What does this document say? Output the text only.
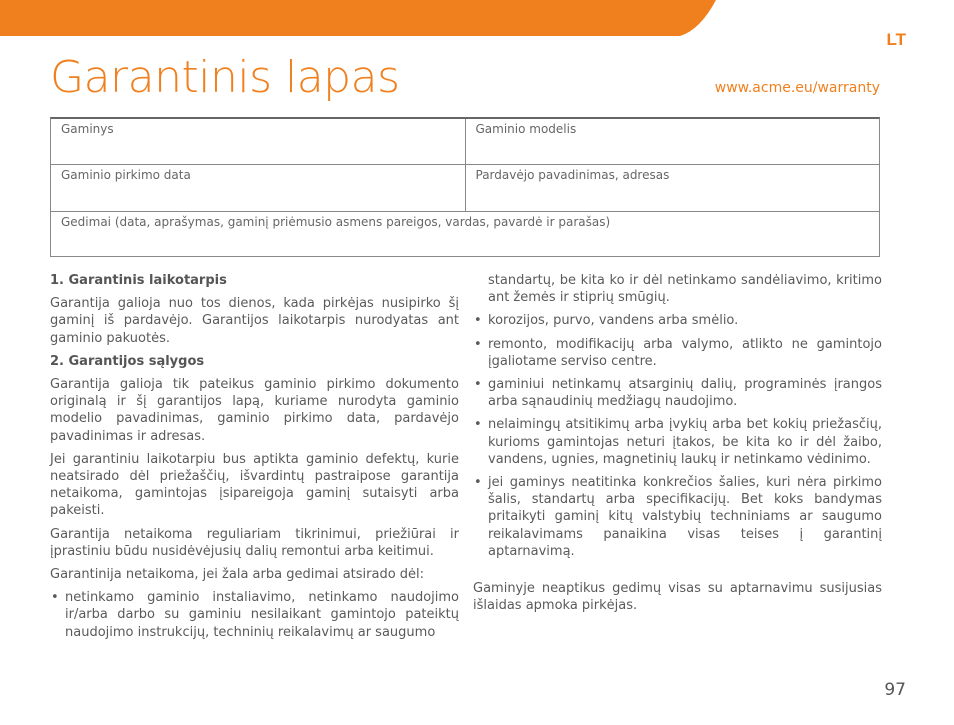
LT
Garantinis lapas	www.acme.eu/warranty
Gaminys	Gaminio modelis
Gaminio pirkimo data	Pardavėjo pavadinimas, adresas
Gedimai (data, aprašymas, gaminį priėmusio asmens pareigos, vardas, pavardė ir parašas)
1. Garantinis laikotarpis

Garantija galioja nuo tos dienos, kada pirkėjas nusipirko šį gaminį iš pardavėjo. Garantijos laikotarpis nurodyatas ant gaminio pakuotės.

2. Garantijos sąlygos

Garantija galioja tik pateikus gaminio pirkimo dokumento originalą ir šį garantijos lapą, kuriame nurodyta gaminio modelio pavadinimas, gaminio pirkimo data, pardavėjo pavadinimas ir adresas.

Jei garantiniu laikotarpiu bus aptikta gaminio defektų, kurie neatsirado dėl priežaščių, išvardintų pastraipose garantija netaikoma, gamintojas įsipareigoja gaminį sutaisyti arba pakeisti.

Garantija netaikoma reguliariam tikrinimui, priežiūrai ir įprastiniu būdu nusidėvėjusių dalių remontui arba keitimui.

Garantinija netaikoma, jei žala arba gedimai atsirado dėl:

• netinkamo gaminio instaliavimo, netinkamo naudojimo ir/arba darbo su gaminiu nesilaikant gamintojo pateiktų naudojimo instrukcijų, techninių reikalavimų ar saugumo
standartų, be kita ko ir dėl netinkamo sandėliavimo, kritimo ant žemės ir stiprių smūgių.
• korozijos, purvo, vandens arba smėlio.
• remonto, modifikacijų arba valymo, atlikto ne gamintojo įgaliotame serviso centre.
• gaminiui netinkamų atsarginių dalių, programinės įrangos arba sąnaudinių medžiagų naudojimo.
• nelaimingų atsitikimų arba įvykių arba bet kokių priežasčių, kurioms gamintojas neturi įtakos, be kita ko ir dėl žaibo, vandens, ugnies, magnetinių laukų ir netinkamo vėdinimo.
• jei gaminys neatitinka konkrečios šalies, kuri nėra pirkimo šalis, standartų arba specifikacijų. Bet koks bandymas pritaikyti gaminį kitų valstybių techniniams ar saugumo reikalavimams panaikina visas teises į garantinį aptarnavimą.

Gaminyje neaptikus gedimų visas su aptarnavimu susijusias išlaidas apmoka pirkėjas.

97
